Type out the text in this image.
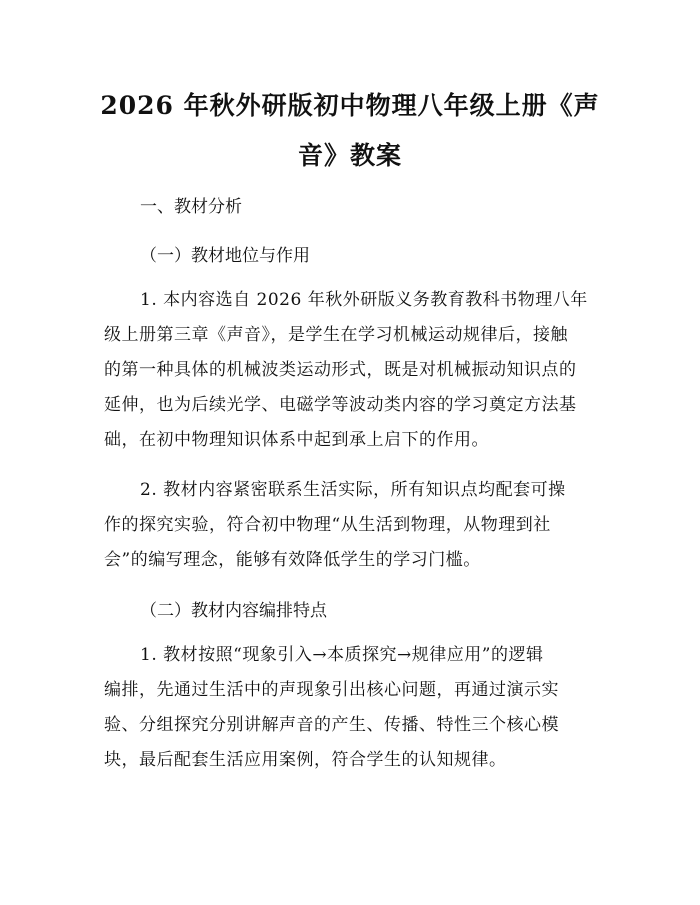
2026 年秋外研版初中物理八年级上册《声
音》教案

一、教材分析

（一）教材地位与作用

1. 本内容选自 2026 年秋外研版义务教育教科书物理八年
级上册第三章《声音》，是学生在学习机械运动规律后，接触
的第一种具体的机械波类运动形式，既是对机械振动知识点的
延伸，也为后续光学、电磁学等波动类内容的学习奠定方法基
础，在初中物理知识体系中起到承上启下的作用。
2. 教材内容紧密联系生活实际，所有知识点均配套可操
作的探究实验，符合初中物理“从生活到物理，从物理到社
会”的编写理念，能够有效降低学生的学习门槛。

（二）教材内容编排特点

1. 教材按照“现象引入→本质探究→规律应用”的逻辑
编排，先通过生活中的声现象引出核心问题，再通过演示实
验、分组探究分别讲解声音的产生、传播、特性三个核心模
块，最后配套生活应用案例，符合学生的认知规律。
